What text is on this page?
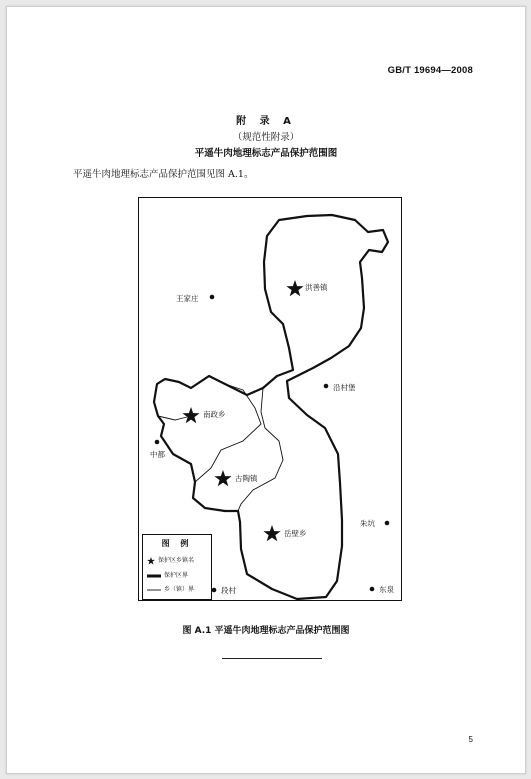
GB/T 19694—2008
附 录 A
（规范性附录）
平遥牛肉地理标志产品保护范围图
平遥牛肉地理标志产品保护范围见图 A.1。
洪善镇
南政乡
古陶镇
岳壁乡
王家庄
沿村堡
中都
朱坑
段村	东泉
图 例
保护区乡镇名
保护区界
乡（镇）界
图 A.1 平遥牛肉地理标志产品保护范围图
5
